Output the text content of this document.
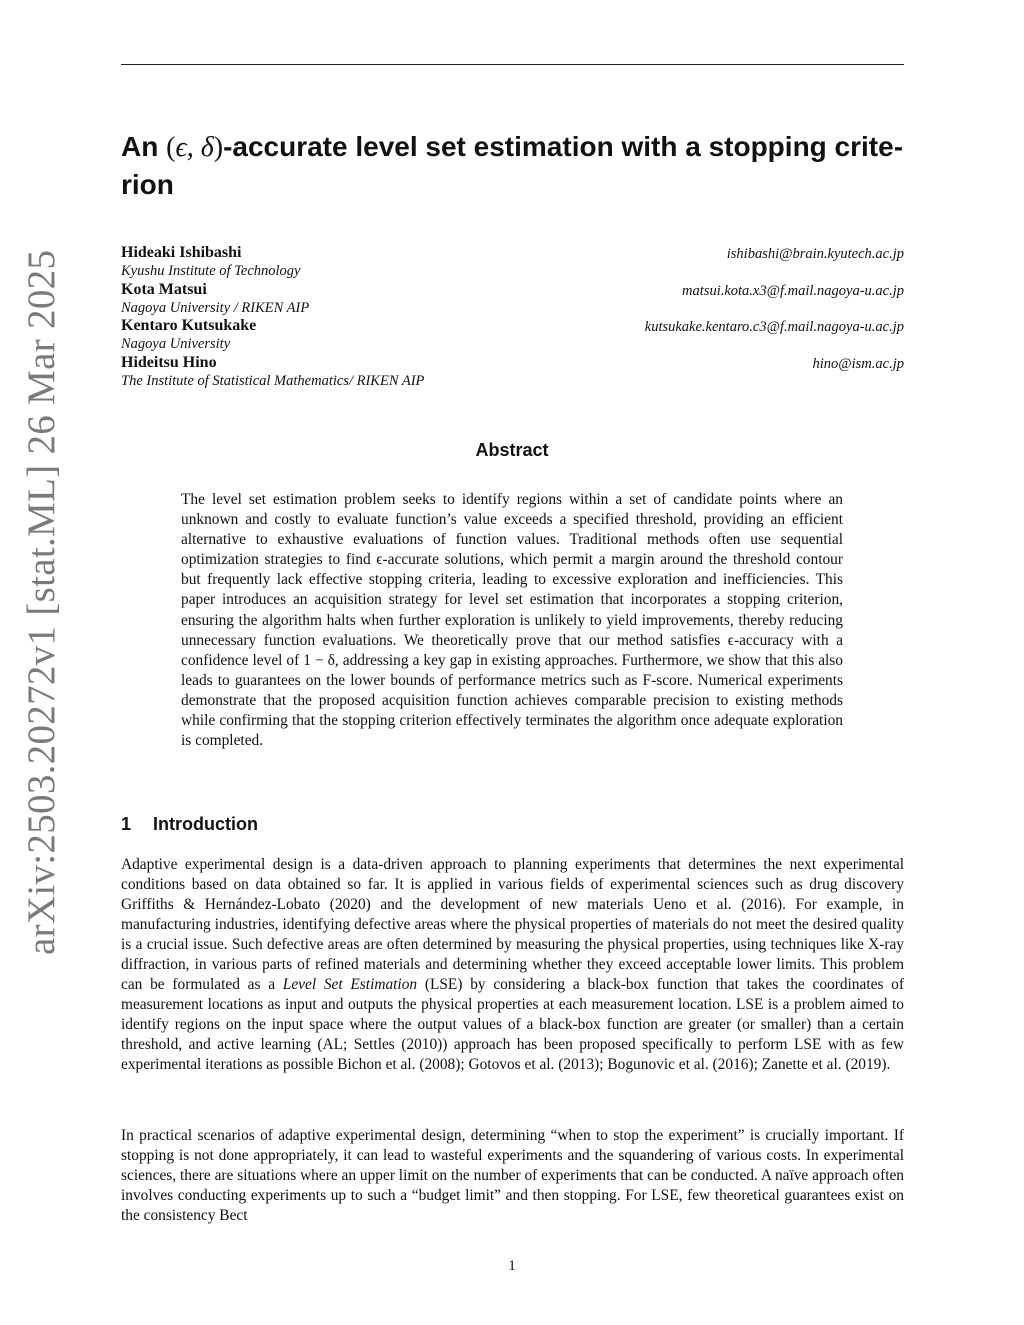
arXiv:2503.20272v1 [stat.ML] 26 Mar 2025
An (ϵ, δ)-accurate level set estimation with a stopping crite-rion
Hideaki Ishibashi
Kyushu Institute of Technology
ishibashi@brain.kyutech.ac.jp
Kota Matsui
Nagoya University / RIKEN AIP
matsui.kota.x3@f.mail.nagoya-u.ac.jp
Kentaro Kutsukake
Nagoya University
kutsukake.kentaro.c3@f.mail.nagoya-u.ac.jp
Hideitsu Hino
The Institute of Statistical Mathematics/ RIKEN AIP
hino@ism.ac.jp
Abstract

The level set estimation problem seeks to identify regions within a set of candidate points where an unknown and costly to evaluate function’s value exceeds a specified threshold, providing an efficient alternative to exhaustive evaluations of function values. Traditional methods often use sequential optimization strategies to find ϵ-accurate solutions, which permit a margin around the threshold contour but frequently lack effective stopping criteria, leading to excessive exploration and inefficiencies. This paper introduces an acquisition strategy for level set estimation that incorporates a stopping criterion, ensuring the algorithm halts when further exploration is unlikely to yield improvements, thereby reducing unnecessary function evaluations. We theoretically prove that our method satisfies ϵ-accuracy with a confidence level of 1 − δ, addressing a key gap in existing approaches. Furthermore, we show that this also leads to guarantees on the lower bounds of performance metrics such as F-score. Numerical experiments demonstrate that the proposed acquisition function achieves comparable precision to existing methods while confirming that the stopping criterion effectively terminates the algorithm once adequate exploration is completed.

1 Introduction

Adaptive experimental design is a data-driven approach to planning experiments that determines the next experimental conditions based on data obtained so far. It is applied in various fields of experimental sciences such as drug discovery Griffiths & Hernández-Lobato (2020) and the development of new materials Ueno et al. (2016). For example, in manufacturing industries, identifying defective areas where the physical properties of materials do not meet the desired quality is a crucial issue. Such defective areas are often determined by measuring the physical properties, using techniques like X-ray diffraction, in various parts of refined materials and determining whether they exceed acceptable lower limits. This problem can be formulated as a Level Set Estimation (LSE) by considering a black-box function that takes the coordinates of measurement locations as input and outputs the physical properties at each measurement location. LSE is a problem aimed to identify regions on the input space where the output values of a black-box function are greater (or smaller) than a certain threshold, and active learning (AL; Settles (2010)) approach has been proposed specifically to perform LSE with as few experimental iterations as possible Bichon et al. (2008); Gotovos et al. (2013); Bogunovic et al. (2016); Zanette et al. (2019).

In practical scenarios of adaptive experimental design, determining “when to stop the experiment” is crucially important. If stopping is not done appropriately, it can lead to wasteful experiments and the squandering of various costs. In experimental sciences, there are situations where an upper limit on the number of experiments that can be conducted. A naïve approach often involves conducting experiments up to such a “budget limit” and then stopping. For LSE, few theoretical guarantees exist on the consistency Bect

1
